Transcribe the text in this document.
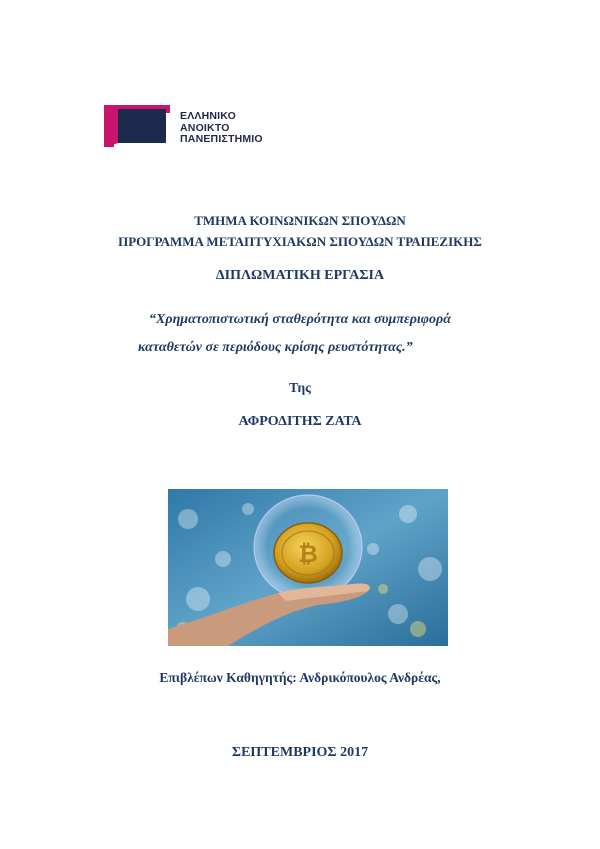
ΕΛΛΗΝΙΚΟ
ΑΝΟΙΚΤΟ
ΠΑΝΕΠΙΣΤΗΜΙΟ
ΤΜΗΜΑ ΚΟΙΝΩΝΙΚΩΝ ΣΠΟΥΔΩΝ
ΠΡΟΓΡΑΜΜΑ ΜΕΤΑΠΤΥΧΙΑΚΩΝ ΣΠΟΥΔΩΝ ΤΡΑΠΕΖΙΚΗΣ
ΔΙΠΛΩΜΑΤΙΚΗ ΕΡΓΑΣΙΑ
“Χρηματοπιστωτική σταθερότητα και συμπεριφορά
καταθετών σε περιόδους κρίσης ρευστότητας.”
Της
ΑΦΡΟΔΙΤΗΣ ΖΑΤΑ
₿
Επιβλέπων Καθηγητής: Ανδρικόπουλος Ανδρέας,
ΣΕΠΤΕΜΒΡΙΟΣ 2017
